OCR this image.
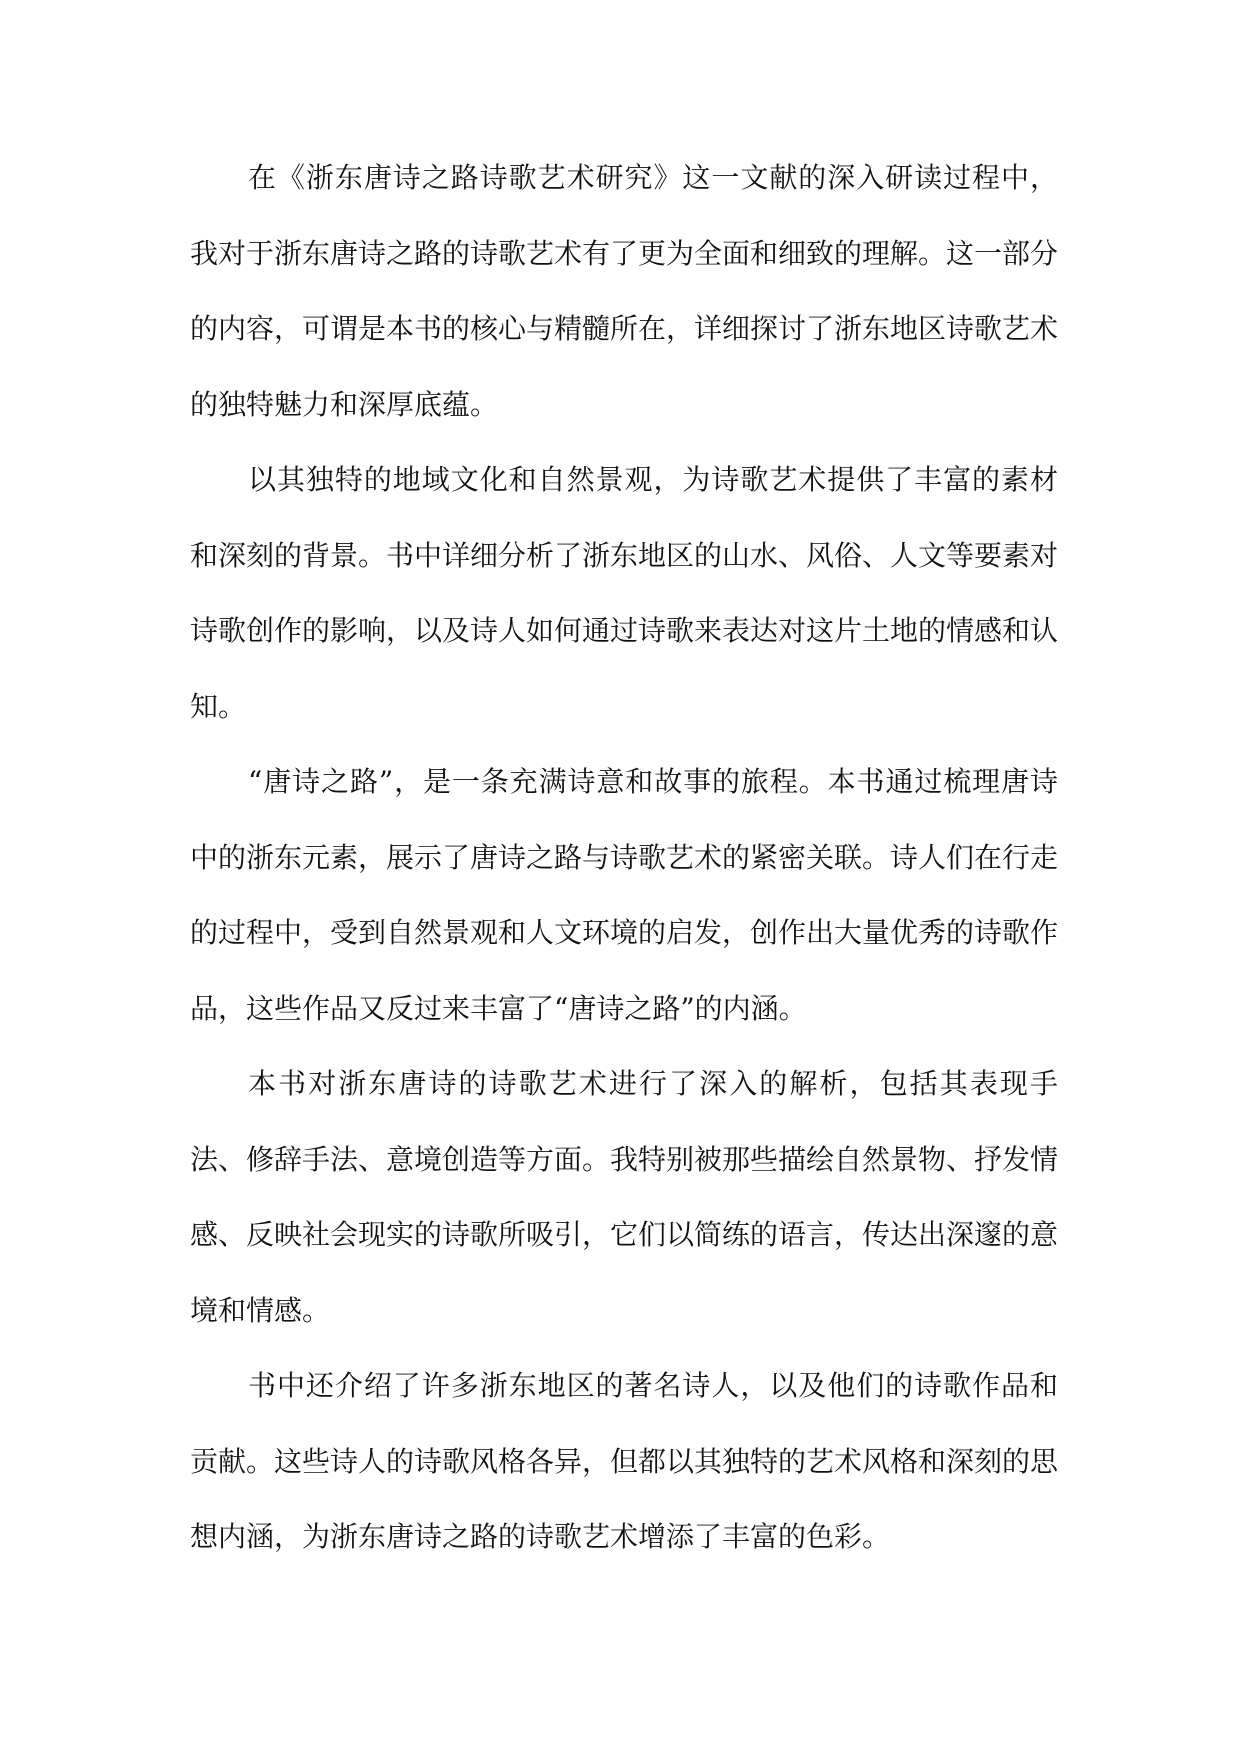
在《浙东唐诗之路诗歌艺术研究》这一文献的深入研读过程中，我对于浙东唐诗之路的诗歌艺术有了更为全面和细致的理解。这一部分的内容，可谓是本书的核心与精髓所在，详细探讨了浙东地区诗歌艺术的独特魅力和深厚底蕴。

以其独特的地域文化和自然景观，为诗歌艺术提供了丰富的素材和深刻的背景。书中详细分析了浙东地区的山水、风俗、人文等要素对诗歌创作的影响，以及诗人如何通过诗歌来表达对这片土地的情感和认知。

“唐诗之路”，是一条充满诗意和故事的旅程。本书通过梳理唐诗中的浙东元素，展示了唐诗之路与诗歌艺术的紧密关联。诗人们在行走的过程中，受到自然景观和人文环境的启发，创作出大量优秀的诗歌作品，这些作品又反过来丰富了“唐诗之路”的内涵。

本书对浙东唐诗的诗歌艺术进行了深入的解析，包括其表现手法、修辞手法、意境创造等方面。我特别被那些描绘自然景物、抒发情感、反映社会现实的诗歌所吸引，它们以简练的语言，传达出深邃的意境和情感。

书中还介绍了许多浙东地区的著名诗人，以及他们的诗歌作品和贡献。这些诗人的诗歌风格各异，但都以其独特的艺术风格和深刻的思想内涵，为浙东唐诗之路的诗歌艺术增添了丰富的色彩。
